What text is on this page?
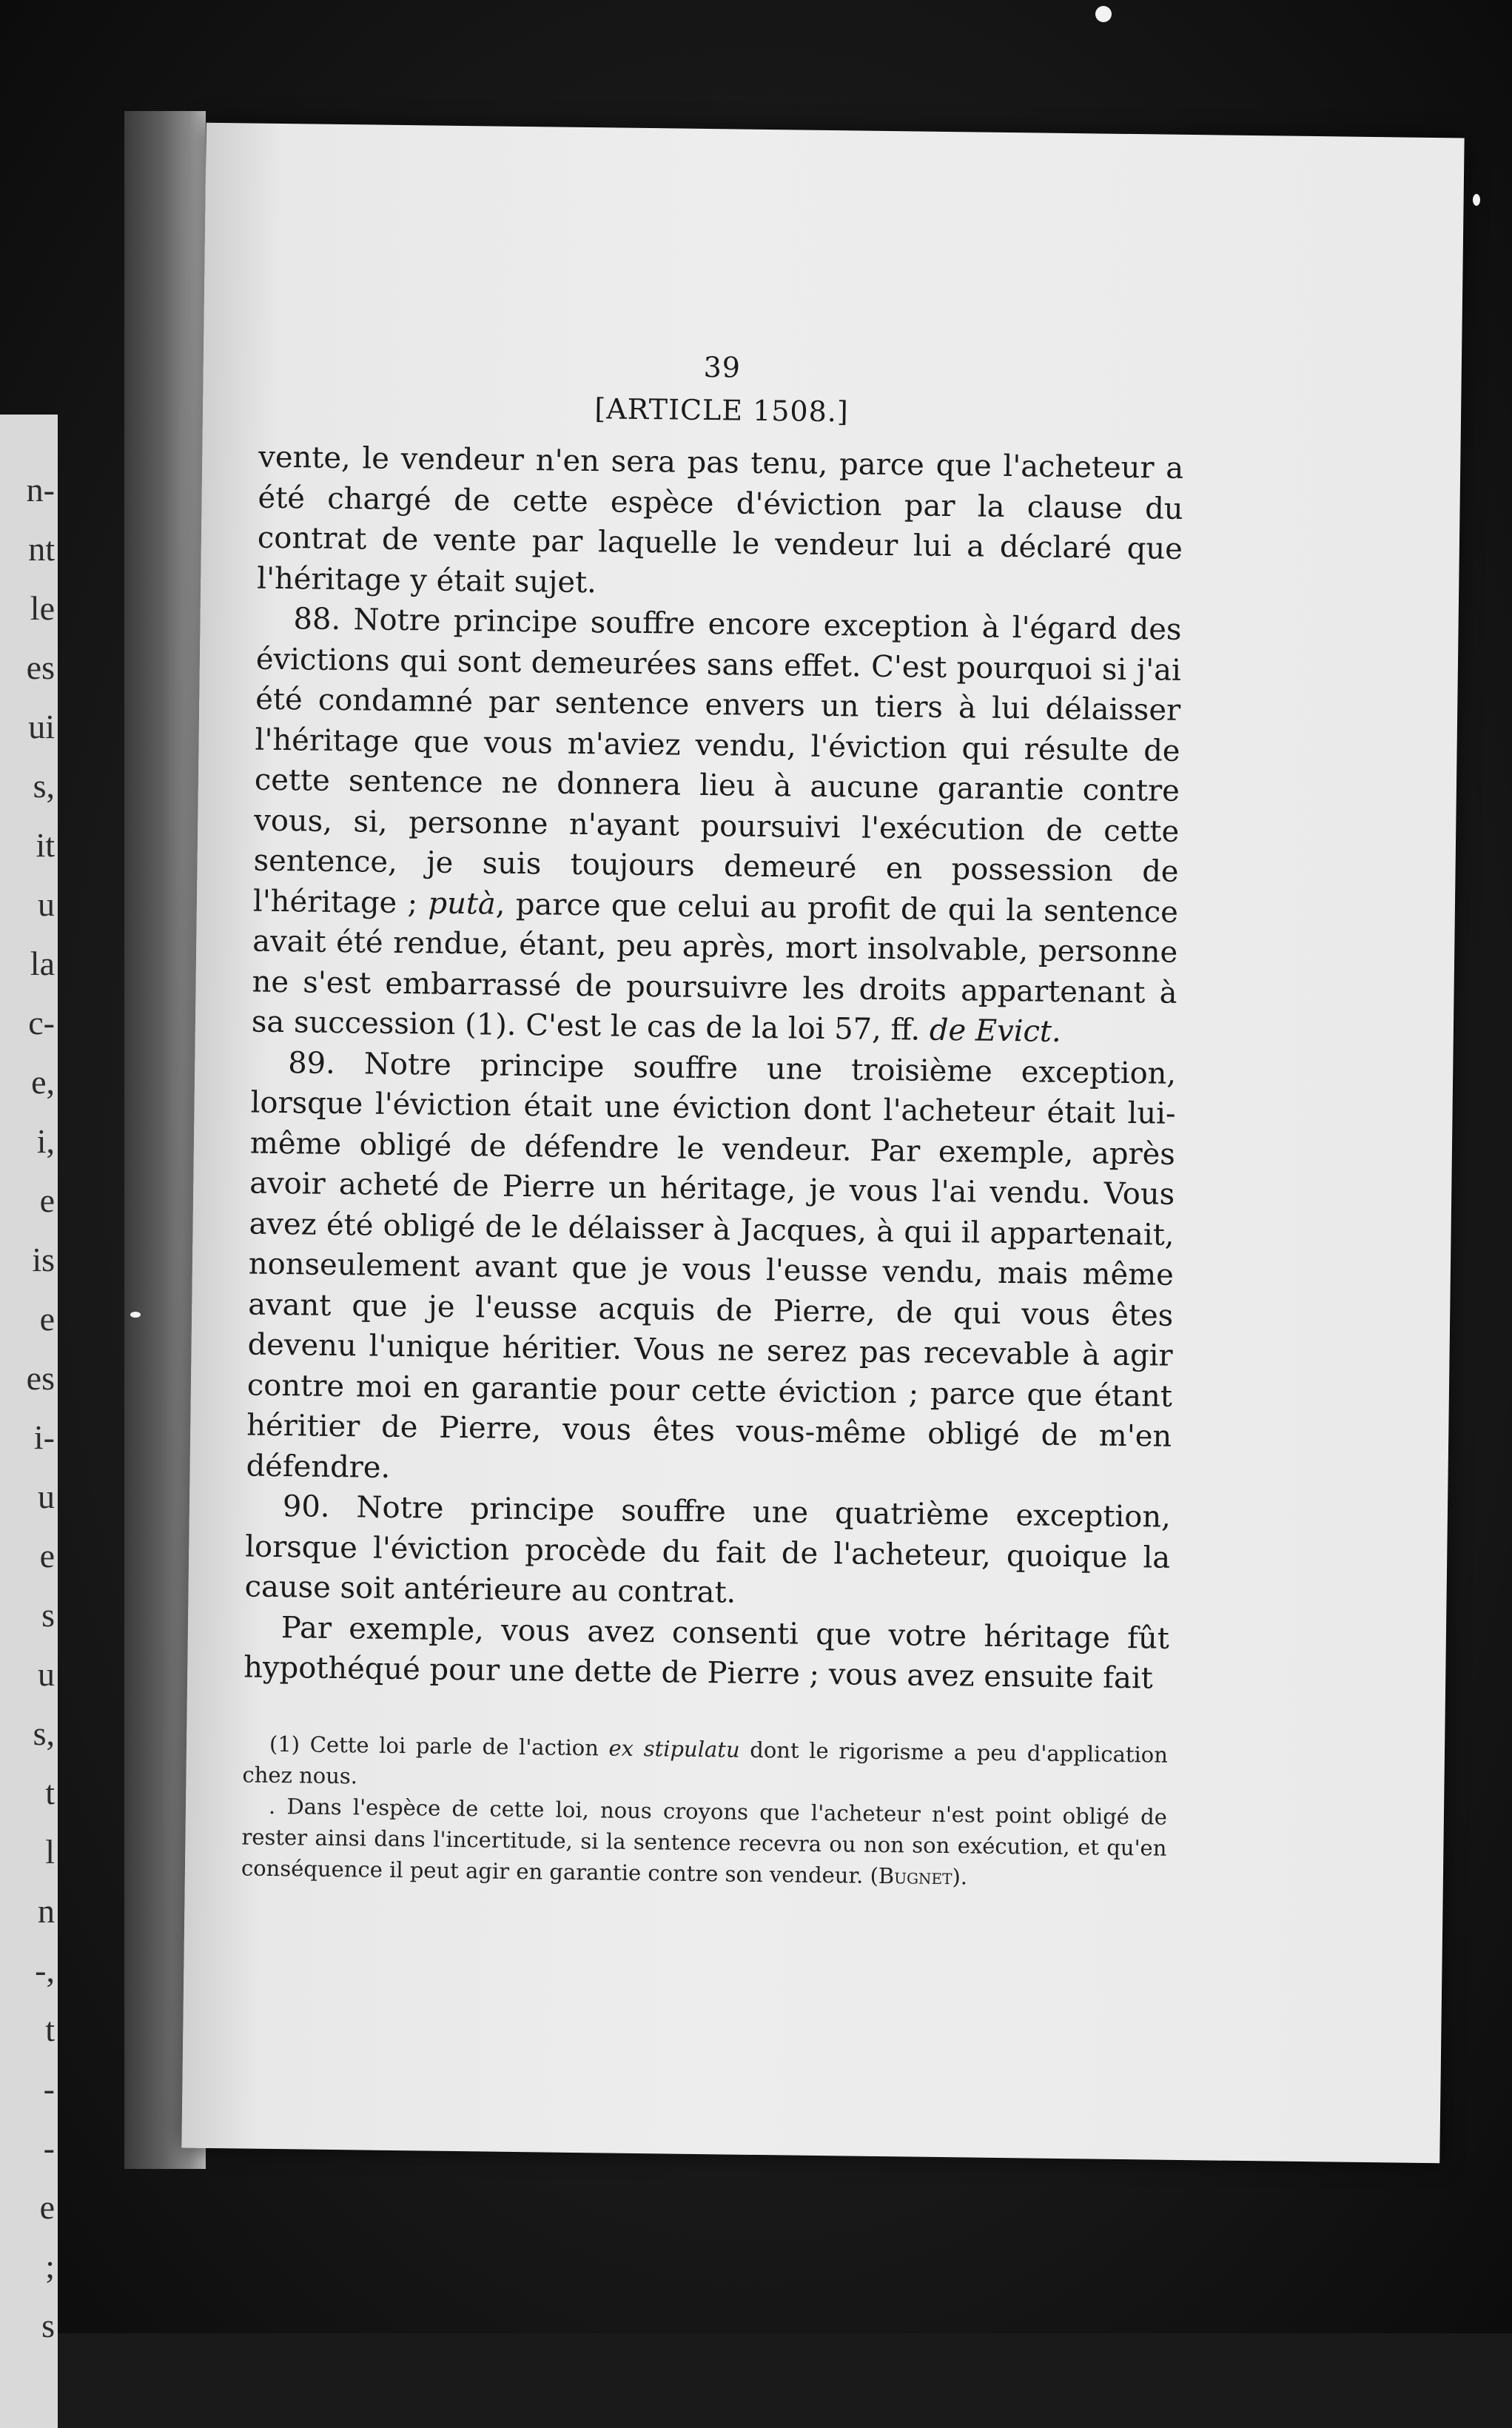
n-
nt
le
es
ui
s,
it
u
la
c-
e,
i,
e
is
e
es
i-
u
e
s
u
s,
t
l
n
-,
t
-
-
e
;
s
39
[ARTICLE 1508.]

vente, le vendeur n'en sera pas tenu, parce que l'acheteur a été chargé de cette espèce d'éviction par la clause du contrat de vente par laquelle le vendeur lui a déclaré que l'héritage y était sujet.

88. Notre principe souffre encore exception à l'égard des évictions qui sont demeurées sans effet. C'est pourquoi si j'ai été condamné par sentence envers un tiers à lui délaisser l'héritage que vous m'aviez vendu, l'éviction qui résulte de cette sentence ne donnera lieu à aucune garantie contre vous, si, personne n'ayant poursuivi l'exécution de cette sentence, je suis toujours demeuré en possession de l'héritage ; putà, parce que celui au profit de qui la sentence avait été rendue, étant, peu après, mort insolvable, personne ne s'est embarrassé de poursuivre les droits appartenant à sa succession (1). C'est le cas de la loi 57, ff. de Evict.

89. Notre principe souffre une troisième exception, lorsque l'éviction était une éviction dont l'acheteur était lui-même obligé de défendre le vendeur. Par exemple, après avoir acheté de Pierre un héritage, je vous l'ai vendu. Vous avez été obligé de le délaisser à Jacques, à qui il appartenait, nonseulement avant que je vous l'eusse vendu, mais même avant que je l'eusse acquis de Pierre, de qui vous êtes devenu l'unique héritier. Vous ne serez pas recevable à agir contre moi en garantie pour cette éviction ; parce que étant héritier de Pierre, vous êtes vous-même obligé de m'en défendre.

90. Notre principe souffre une quatrième exception, lorsque l'éviction procède du fait de l'acheteur, quoique la cause soit antérieure au contrat.

Par exemple, vous avez consenti que votre héritage fût hypothéqué pour une dette de Pierre ; vous avez ensuite fait

(1) Cette loi parle de l'action ex stipulatu dont le rigorisme a peu d'application chez nous.

. Dans l'espèce de cette loi, nous croyons que l'acheteur n'est point obligé de rester ainsi dans l'incertitude, si la sentence recevra ou non son exécution, et qu'en conséquence il peut agir en garantie contre son vendeur. (Bugnet).
